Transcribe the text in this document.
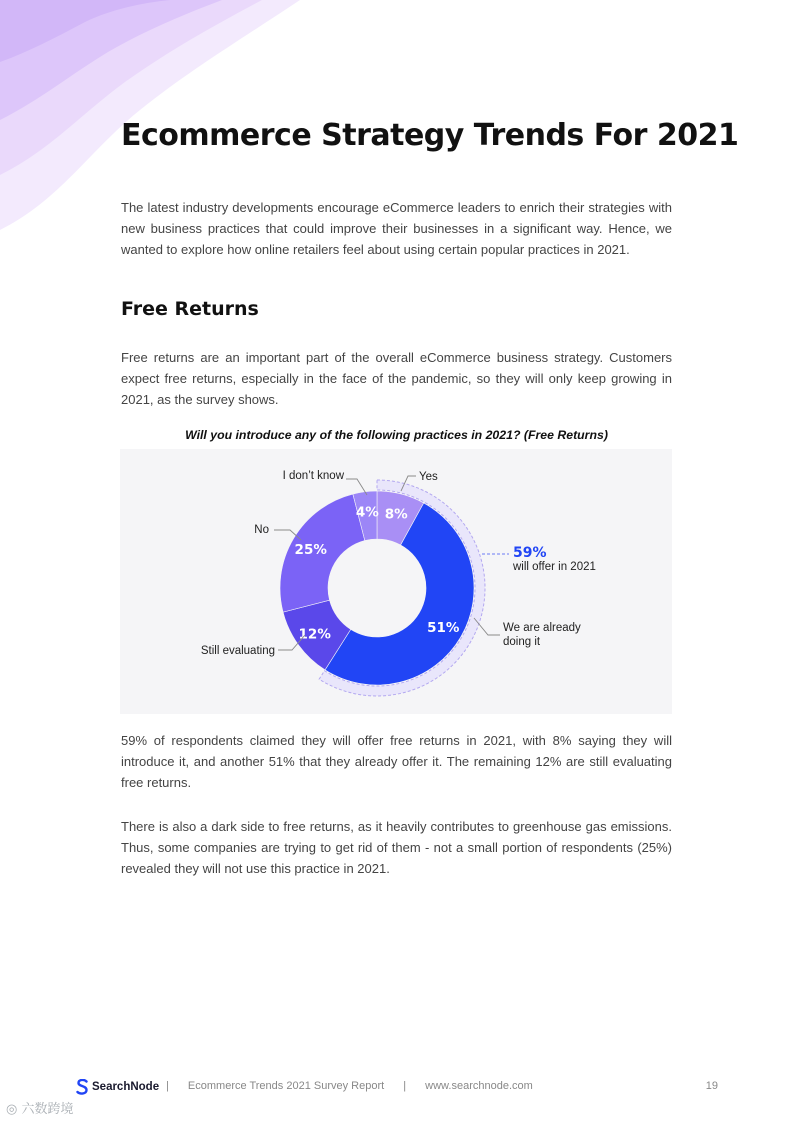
Ecommerce Strategy Trends For 2021

The latest industry developments encourage eCommerce leaders to enrich their strategies with new business practices that could improve their businesses in a significant way. Hence, we wanted to explore how online retailers feel about using certain popular practices in 2021.

Free Returns

Free returns are an important part of the overall eCommerce business strategy. Customers expect free returns, especially in the face of the pandemic, so they will only keep growing in 2021, as the survey shows.

Will you introduce any of the following practices in 2021? (Free Returns)

8%
51%
12%
25%
4%
I don’t know	Yes
No
Still evaluating
We are already
doing it
59%
will offer in 2021

59% of respondents claimed they will offer free returns in 2021, with 8% saying they will introduce it, and another 51% that they already offer it. The remaining 12% are still evaluating free returns.

There is also a dark side to free returns, as it heavily contributes to greenhouse gas emissions. Thus, some companies are trying to get rid of them - not a small portion of respondents (25%) revealed they will not use this practice in 2021.

SearchNode | Ecommerce Trends 2021 Survey Report | www.searchnode.com	19
◎ 六数跨境
